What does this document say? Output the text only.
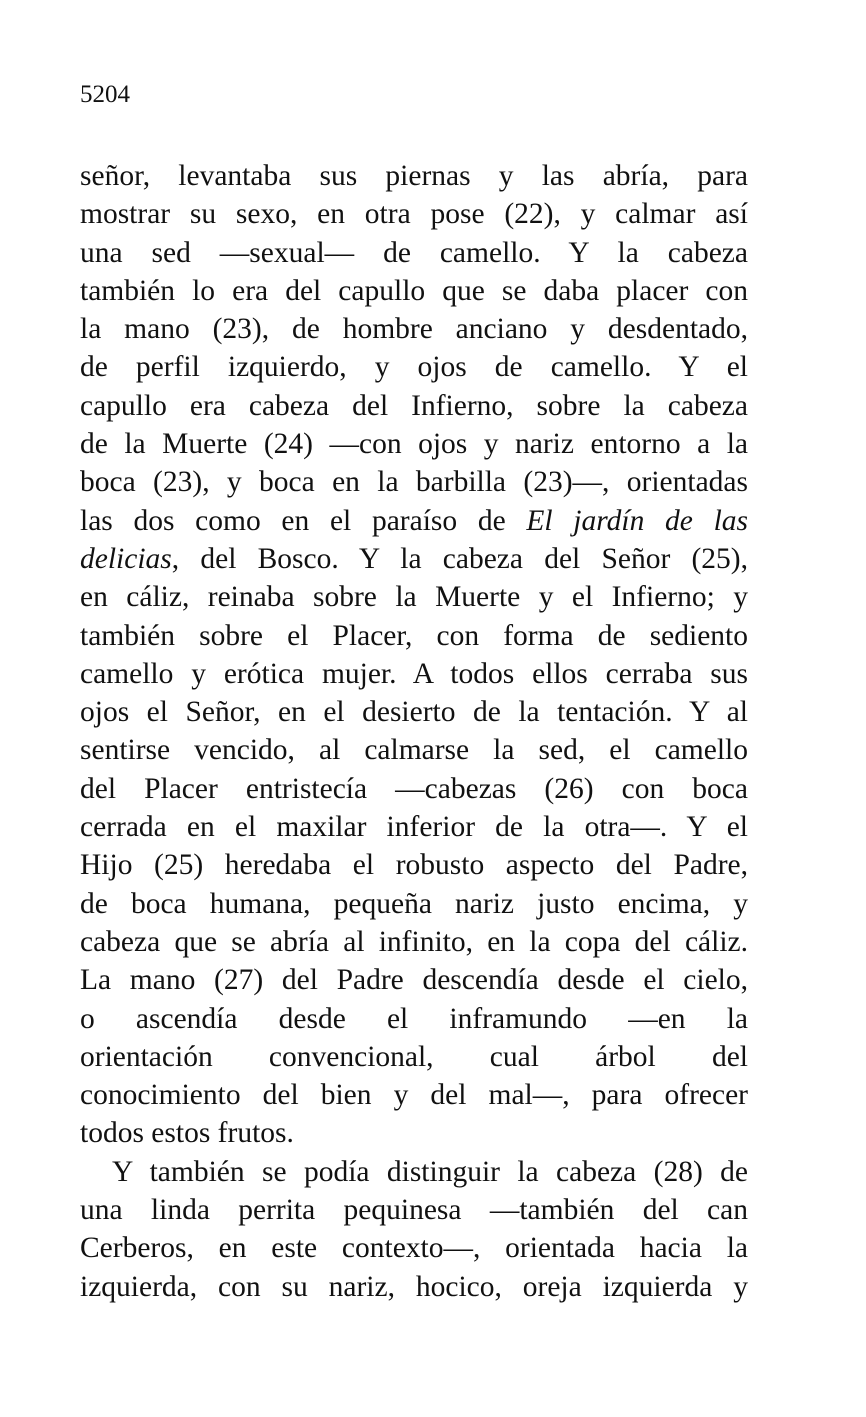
5204
señor, levantaba sus piernas y las abría, para
mostrar su sexo, en otra pose (22), y calmar así
una sed —sexual— de camello. Y la cabeza
también lo era del capullo que se daba placer con
la mano (23), de hombre anciano y desdentado,
de perfil izquierdo, y ojos de camello. Y el
capullo era cabeza del Infierno, sobre la cabeza
de la Muerte (24) —con ojos y nariz entorno a la
boca (23), y boca en la barbilla (23)—, orientadas
las dos como en el paraíso de El jardín de las
delicias, del Bosco. Y la cabeza del Señor (25),
en cáliz, reinaba sobre la Muerte y el Infierno; y
también sobre el Placer, con forma de sediento
camello y erótica mujer. A todos ellos cerraba sus
ojos el Señor, en el desierto de la tentación. Y al
sentirse vencido, al calmarse la sed, el camello
del Placer entristecía —cabezas (26) con boca
cerrada en el maxilar inferior de la otra—. Y el
Hijo (25) heredaba el robusto aspecto del Padre,
de boca humana, pequeña nariz justo encima, y
cabeza que se abría al infinito, en la copa del cáliz.
La mano (27) del Padre descendía desde el cielo,
o ascendía desde el inframundo —en la
orientación convencional, cual árbol del
conocimiento del bien y del mal—, para ofrecer
todos estos frutos.
Y también se podía distinguir la cabeza (28) de
una linda perrita pequinesa —también del can
Cerberos, en este contexto—, orientada hacia la
izquierda, con su nariz, hocico, oreja izquierda y
